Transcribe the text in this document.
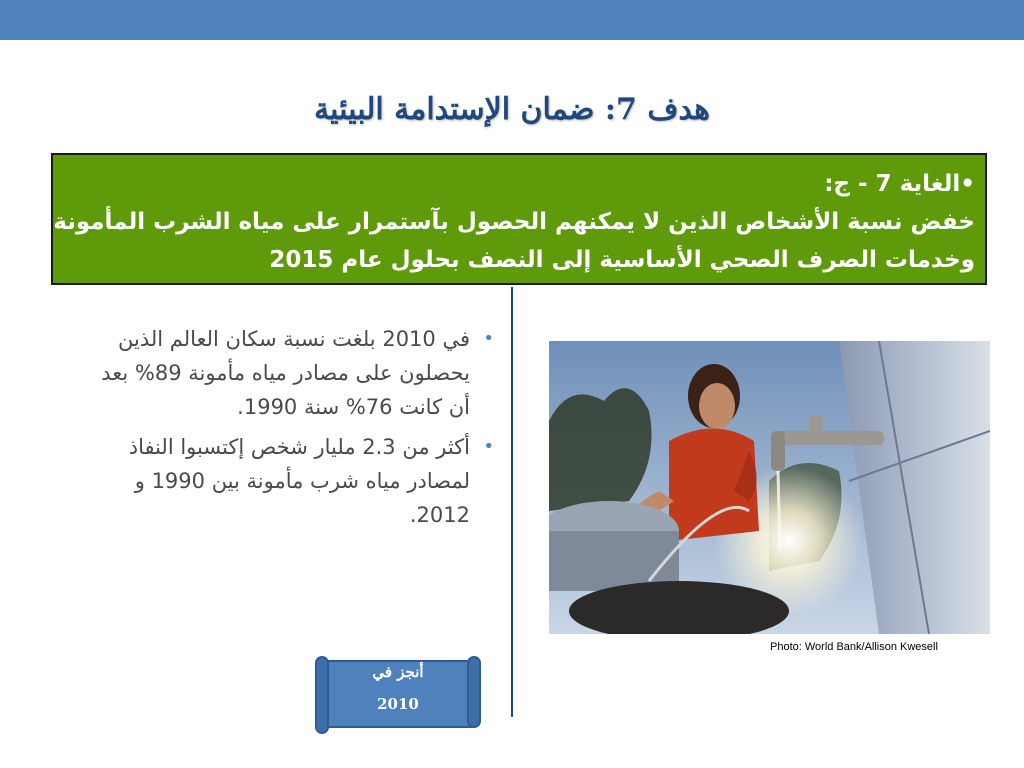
هدف 7: ضمان الإستدامة البيئية
•الغاية 7 - ج:
خفض نسبة الأشخاص الذين لا يمكنهم الحصول بآستمرار على مياه الشرب المأمونة
وخدمات الصرف الصحي الأساسية إلى النصف بحلول عام 2015
•
في 2010 بلغت نسبة سكان العالم الذين
يحصلون على مصادر مياه مأمونة 89% بعد
أن كانت 76% سنة 1990.
•
أكثر من 2.3 مليار شخص إكتسبوا النفاذ
لمصادر مياه شرب مأمونة بين 1990 و
2012.
Photo: World Bank/Allison Kwesell
أنجز في
2010
